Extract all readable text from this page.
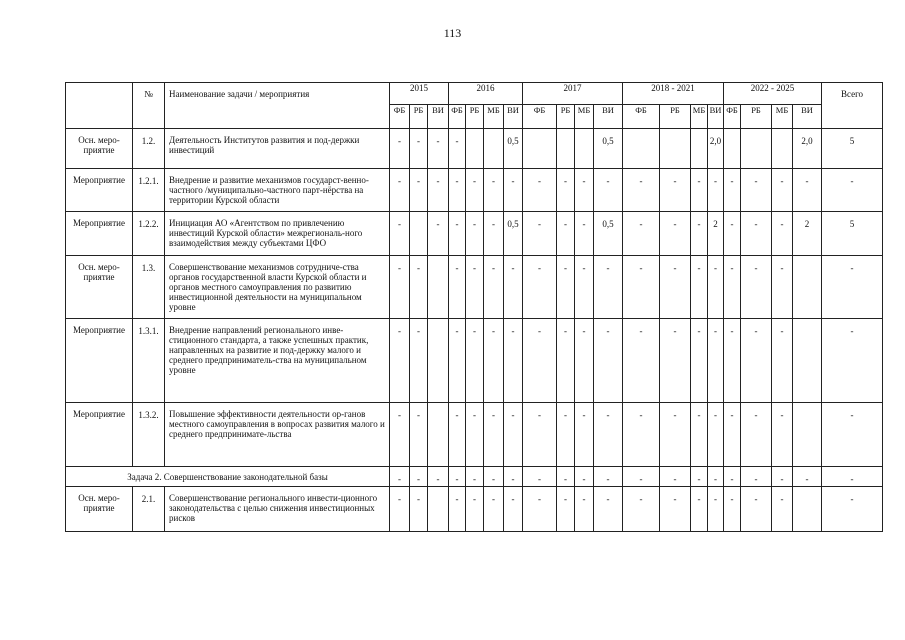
113
	№	Наименование задачи / мероприятия	2015			2016				2017				2018 - 2021				2022 - 2025				Всего
			ФБ	РБ	ВИ	ФБ	РБ	МБ	ВИ	ФБ	РБ	МБ	ВИ	ФБ	РБ	МБ	ВИ	ФБ	РБ	МБ	ВИ	
Осн. меро-приятие	1.2.	Деятельность Институтов развития и под-держки инвестиций	-	-	-	-			0,5				0,5				2,0				2,0	5
Мероприятие	1.2.1.	Внедрение и развитие механизмов государст-венно-частного /муниципально-частного парт-нёрства на территории Курской области	-	-	-	-	-	-	-	-	-	-	-	-	-	-	-	-	-	-	-	-
Мероприятие	1.2.2.	Инициация АО «Агентством по привлечению инвестиций Курской области» межрегиональ-ного взаимодействия между субъектами ЦФО	-		-	-	-	-	0,5	-	-	-	0,5	-	-	-	2	-	-	-	2	5
Осн. меро-приятие	1.3.	Совершенствование механизмов сотрудниче-ства органов государственной власти Курской области и органов местного самоуправления по развитию инвестиционной деятельности на муниципальном уровне	-	-		-	-	-	-	-	-	-	-	-	-	-	-	-	-	-		-
Мероприятие	1.3.1.	Внедрение направлений регионального инве-стиционного стандарта, а также успешных практик, направленных на развитие и под-держку малого и среднего предприниматель-ства на муниципальном уровне	-	-		-	-	-	-	-	-	-	-	-	-	-	-	-	-	-		-
Мероприятие	1.3.2.	Повышение эффективности деятельности ор-ганов местного самоуправления в вопросах развития малого и среднего предпринимате-льства	-	-		-	-	-	-	-	-	-	-	-	-	-	-	-	-	-		-
Задача 2. Совершенствование законодательной базы			-	-	-	-	-	-	-	-	-	-	-	-	-	-	-	-	-	-	-	-
Осн. меро-приятие	2.1.	Совершенствование регионального инвести-ционного законодательства с целью снижения инвестиционных рисков	-	-		-	-	-	-	-	-	-	-	-	-	-	-	-	-	-		-
